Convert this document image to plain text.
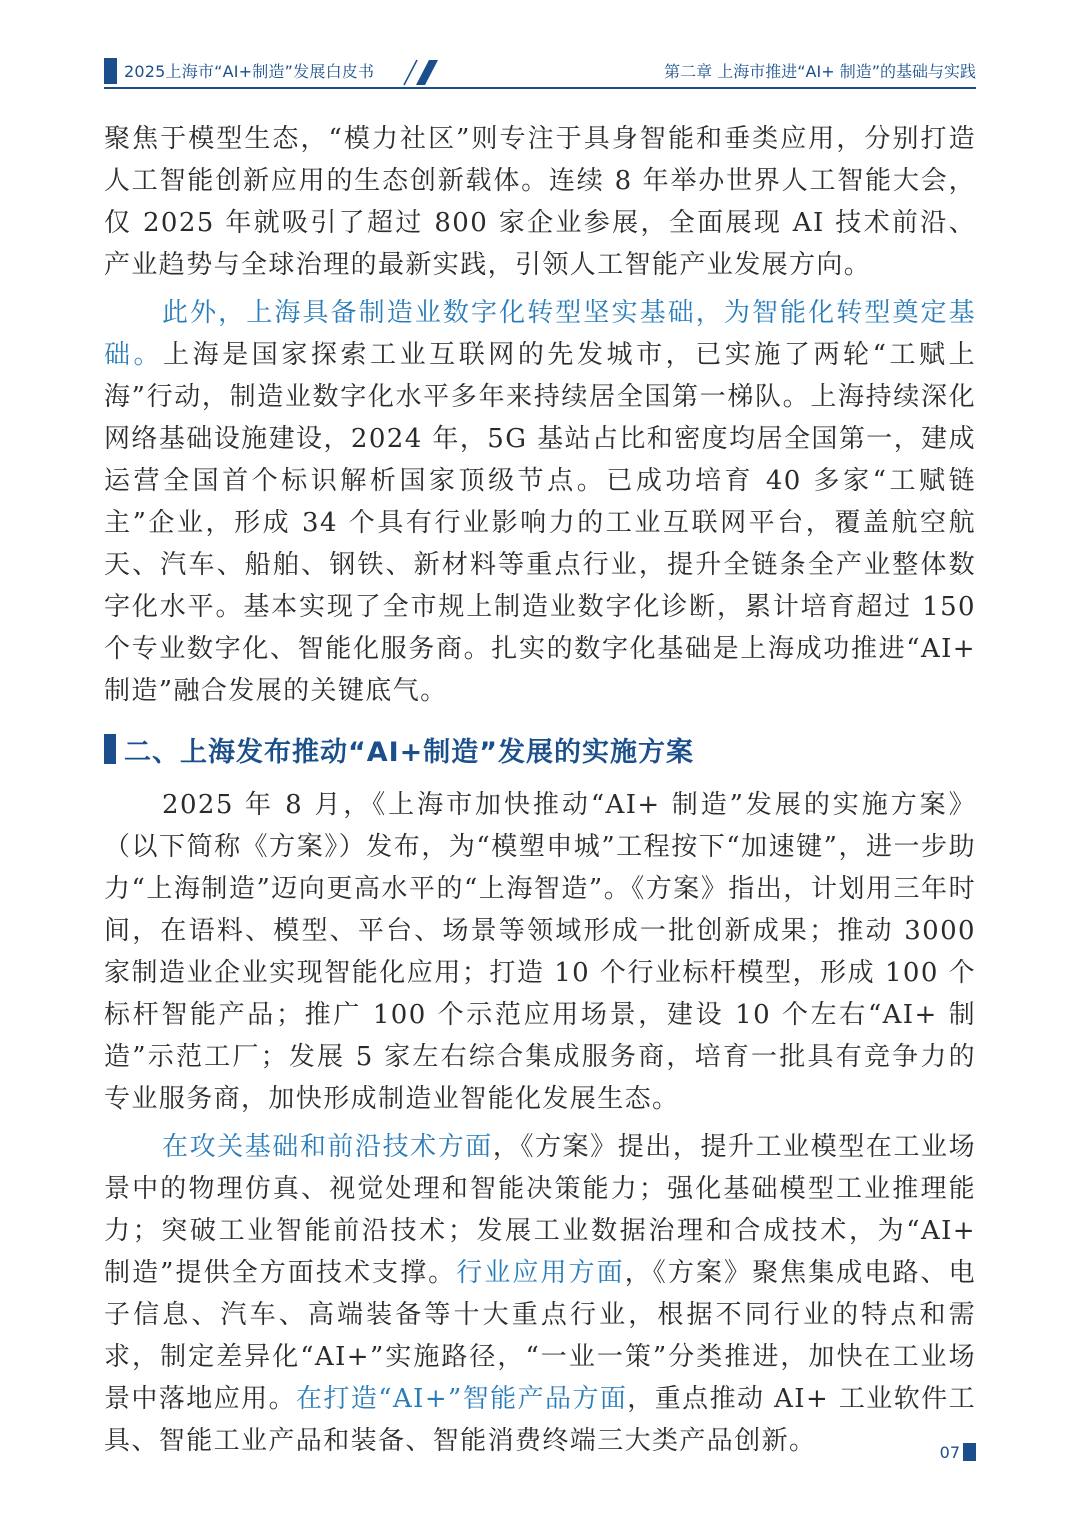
2025上海市“AI+制造”发展白皮书	第二章 上海市推进“AI+ 制造”的基础与实践

聚焦于模型生态，“模力社区”则专注于具身智能和垂类应用，分别打造人工智能创新应用的生态创新载体。连续 8 年举办世界人工智能大会，仅 2025 年就吸引了超过 800 家企业参展，全面展现 AI 技术前沿、产业趋势与全球治理的最新实践，引领人工智能产业发展方向。

此外，上海具备制造业数字化转型坚实基础，为智能化转型奠定基础。上海是国家探索工业互联网的先发城市，已实施了两轮“工赋上海”行动，制造业数字化水平多年来持续居全国第一梯队。上海持续深化网络基础设施建设，2024 年，5G 基站占比和密度均居全国第一，建成运营全国首个标识解析国家顶级节点。已成功培育 40 多家“工赋链主”企业，形成 34 个具有行业影响力的工业互联网平台，覆盖航空航天、汽车、船舶、钢铁、新材料等重点行业，提升全链条全产业整体数字化水平。基本实现了全市规上制造业数字化诊断，累计培育超过 150 个专业数字化、智能化服务商。扎实的数字化基础是上海成功推进“AI+ 制造”融合发展的关键底气。

二、上海发布推动“AI+制造”发展的实施方案

2025 年 8 月，《上海市加快推动“AI+ 制造”发展的实施方案》（以下简称《方案》）发布，为“模塑申城”工程按下“加速键”，进一步助力“上海制造”迈向更高水平的“上海智造”。《方案》指出，计划用三年时间，在语料、模型、平台、场景等领域形成一批创新成果；推动 3000 家制造业企业实现智能化应用；打造 10 个行业标杆模型，形成 100 个标杆智能产品；推广 100 个示范应用场景，建设 10 个左右“AI+ 制造”示范工厂；发展 5 家左右综合集成服务商，培育一批具有竞争力的专业服务商，加快形成制造业智能化发展生态。

在攻关基础和前沿技术方面，《方案》提出，提升工业模型在工业场景中的物理仿真、视觉处理和智能决策能力；强化基础模型工业推理能力；突破工业智能前沿技术；发展工业数据治理和合成技术，为“AI+ 制造”提供全方面技术支撑。行业应用方面，《方案》聚焦集成电路、电子信息、汽车、高端装备等十大重点行业，根据不同行业的特点和需求，制定差异化“AI+”实施路径，“一业一策”分类推进，加快在工业场景中落地应用。在打造“AI+”智能产品方面，重点推动 AI+ 工业软件工具、智能工业产品和装备、智能消费终端三大类产品创新。	07
